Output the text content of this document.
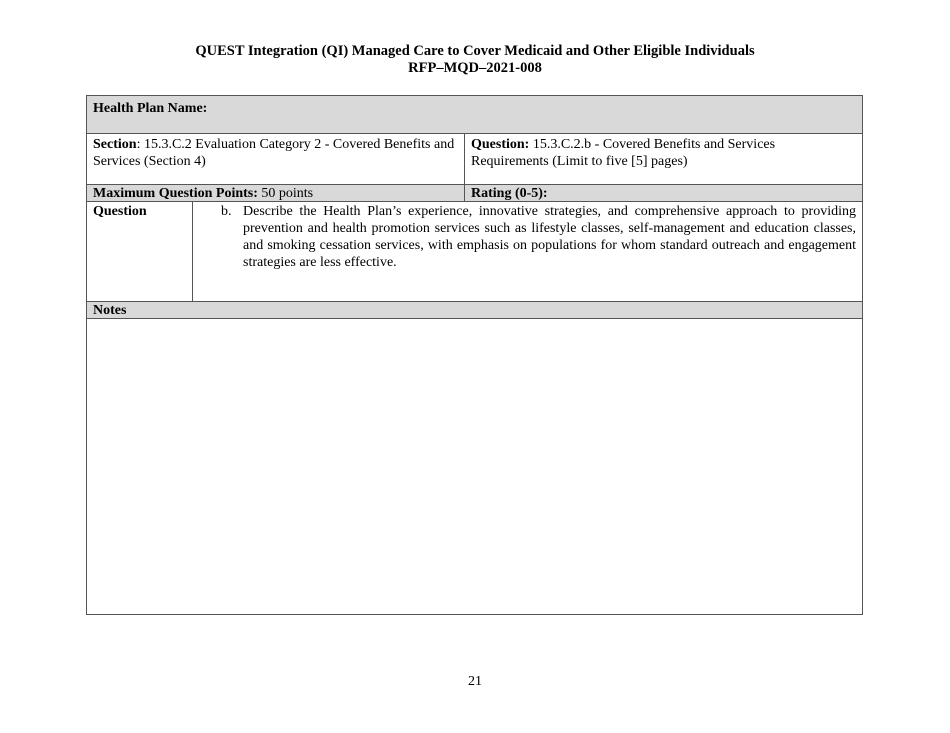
QUEST Integration (QI) Managed Care to Cover Medicaid and Other Eligible Individuals
RFP–MQD–2021-008
Health Plan Name:
Section: 15.3.C.2 Evaluation Category 2 - Covered Benefits and Services (Section 4)
Question: 15.3.C.2.b - Covered Benefits and Services Requirements (Limit to five [5] pages)
Maximum Question Points: 50 points	Rating (0-5):
Question	b. Describe the Health Plan’s experience, innovative strategies, and comprehensive approach to providing prevention and health promotion services such as lifestyle classes, self-management and education classes, and smoking cessation services, with emphasis on populations for whom standard outreach and engagement strategies are less effective.
Notes
21
